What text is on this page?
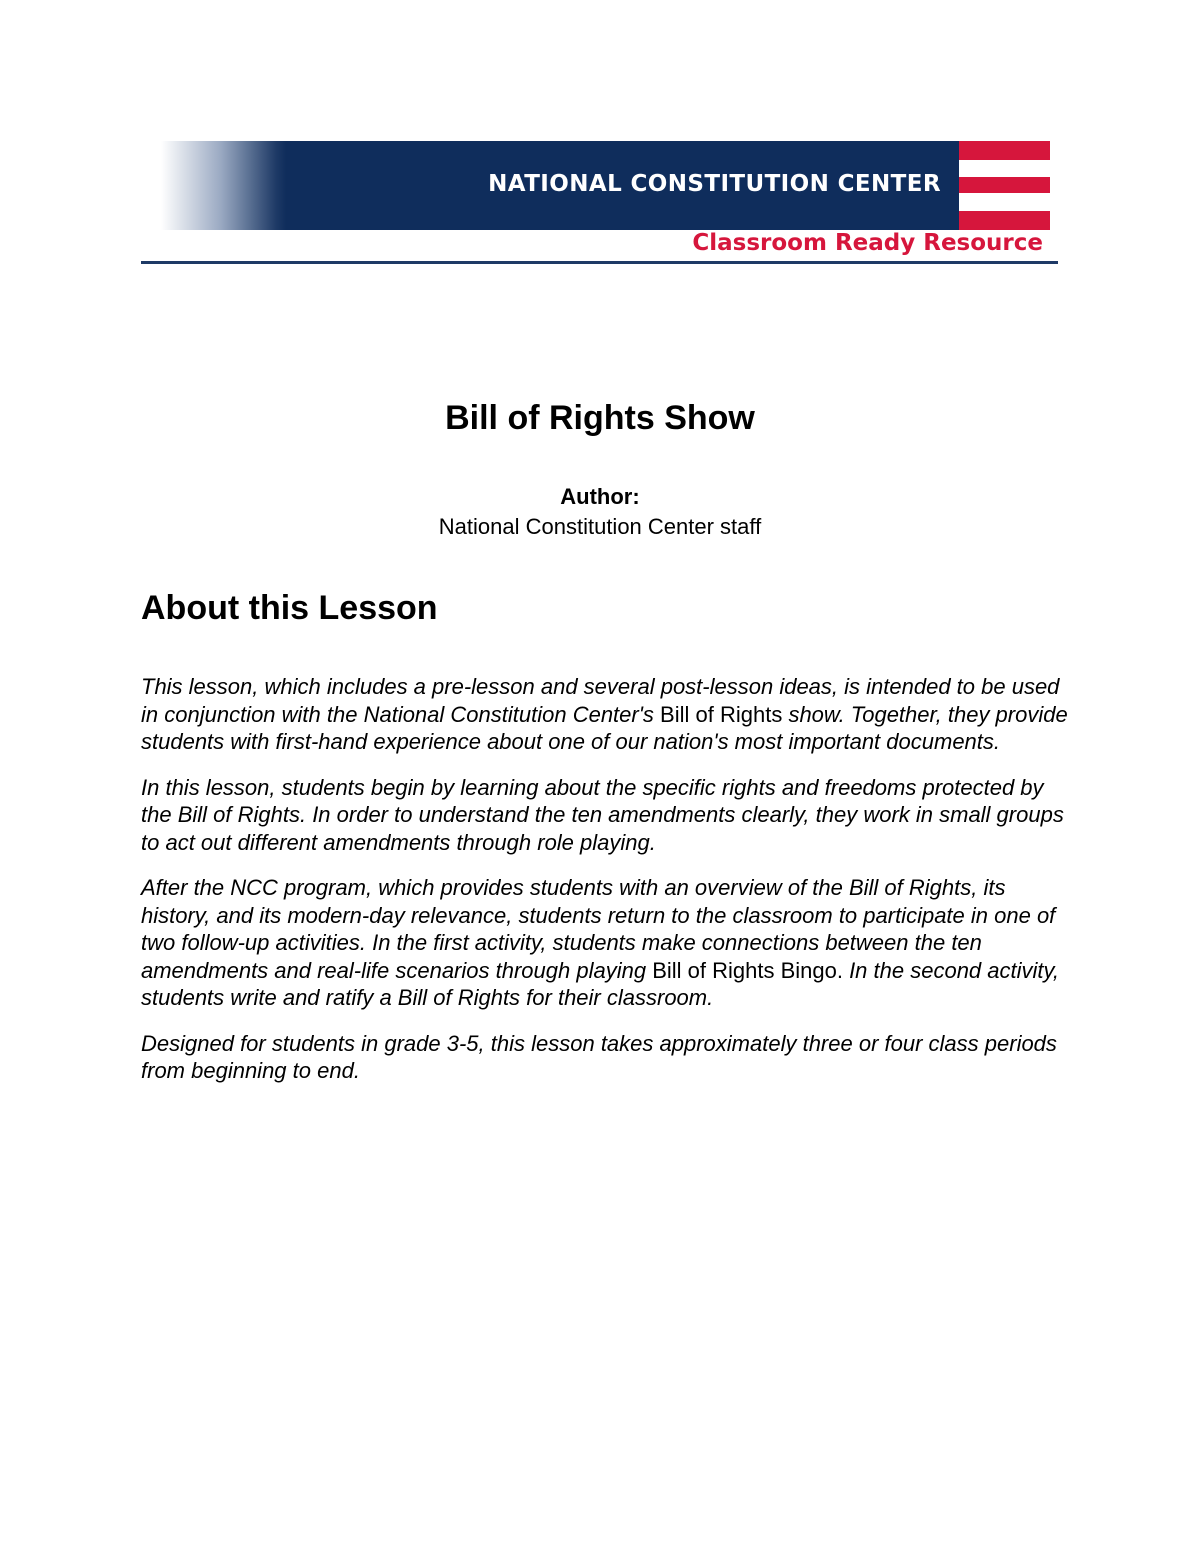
NATIONAL CONSTITUTION CENTER
Classroom Ready Resource
Bill of Rights Show
Author:
National Constitution Center staff
About this Lesson

This lesson, which includes a pre-lesson and several post-lesson ideas, is intended to be used in conjunction with the National Constitution Center's Bill of Rights show. Together, they provide students with first-hand experience about one of our nation's most important documents.

In this lesson, students begin by learning about the specific rights and freedoms protected by the Bill of Rights. In order to understand the ten amendments clearly, they work in small groups to act out different amendments through role playing.

After the NCC program, which provides students with an overview of the Bill of Rights, its history, and its modern-day relevance, students return to the classroom to participate in one of two follow-up activities. In the first activity, students make connections between the ten amendments and real-life scenarios through playing Bill of Rights Bingo. In the second activity, students write and ratify a Bill of Rights for their classroom.

Designed for students in grade 3-5, this lesson takes approximately three or four class periods from beginning to end.
